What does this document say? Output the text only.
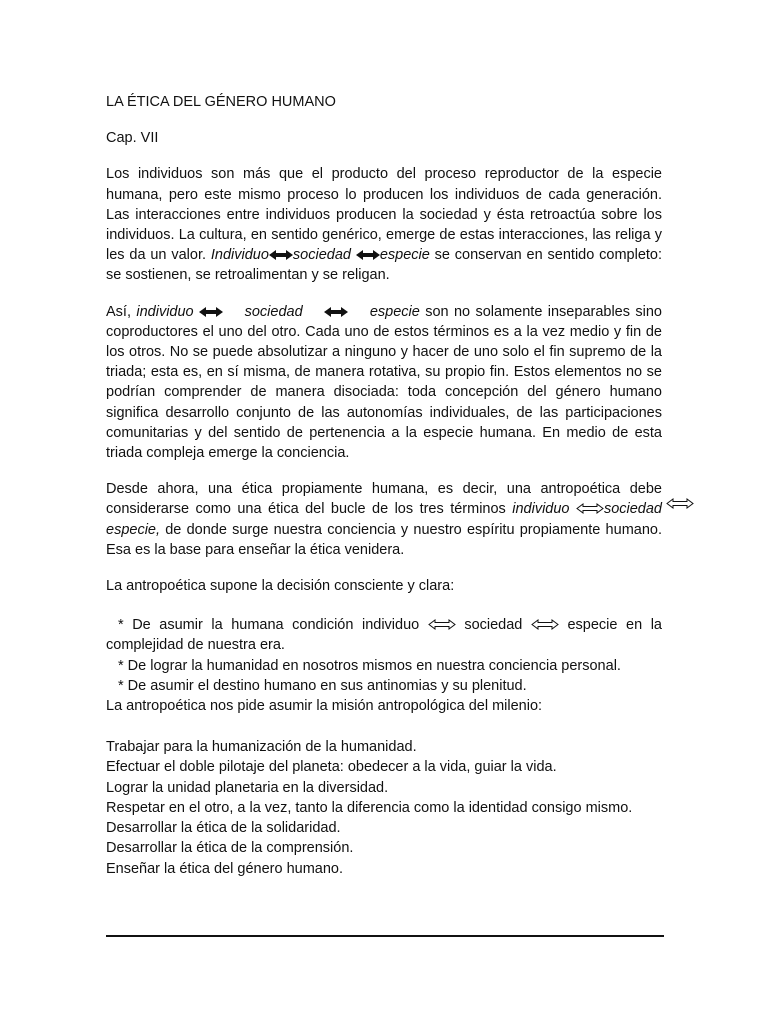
LA ÉTICA DEL GÉNERO HUMANO

Cap. VII

Los individuos son más que el producto del proceso reproductor de la especie humana, pero este mismo proceso lo producen los individuos de cada generación. Las interacciones entre individuos producen la sociedad y ésta retroactúa sobre los individuos. La cultura, en sentido genérico, emerge de estas interacciones, las religa y les da un valor. Individuo sociedad especie se conservan en sentido completo: se sostienen, se retroalimentan y se religan.

Así, individuo	sociedad	especie son no solamente inseparables sino coproductores el uno del otro. Cada uno de estos términos es a la vez medio y fin de los otros. No se puede absolutizar a ninguno y hacer de uno solo el fin supremo de la triada; esta es, en sí misma, de manera rotativa, su propio fin. Estos elementos no se podrían comprender de manera disociada: toda concepción del género humano significa desarrollo conjunto de las autonomías individuales, de las participaciones comunitarias y del sentido de pertenencia a la especie humana. En medio de esta triada compleja emerge la conciencia.

Desde ahora, una ética propiamente humana, es decir, una antropoética debe considerarse como una ética del bucle de los tres términos individuo sociedad especie, de donde surge nuestra conciencia y nuestro espíritu propiamente humano. Esa es la base para enseñar la ética venidera.

La antropoética supone la decisión consciente y clara:

* De asumir la humana condición individuo  sociedad  especie en la complejidad de nuestra era.

* De lograr la humanidad en nosotros mismos en nuestra conciencia personal.

* De asumir el destino humano en sus antinomias y su plenitud.

La antropoética nos pide asumir la misión antropológica del milenio:

Trabajar para la humanización de la humanidad.
Efectuar el doble pilotaje del planeta: obedecer a la vida, guiar la vida.
Lograr la unidad planetaria en la diversidad.
Respetar en el otro, a la vez, tanto la diferencia como la identidad consigo mismo.
Desarrollar la ética de la solidaridad.
Desarrollar la ética de la comprensión.
Enseñar la ética del género humano.
